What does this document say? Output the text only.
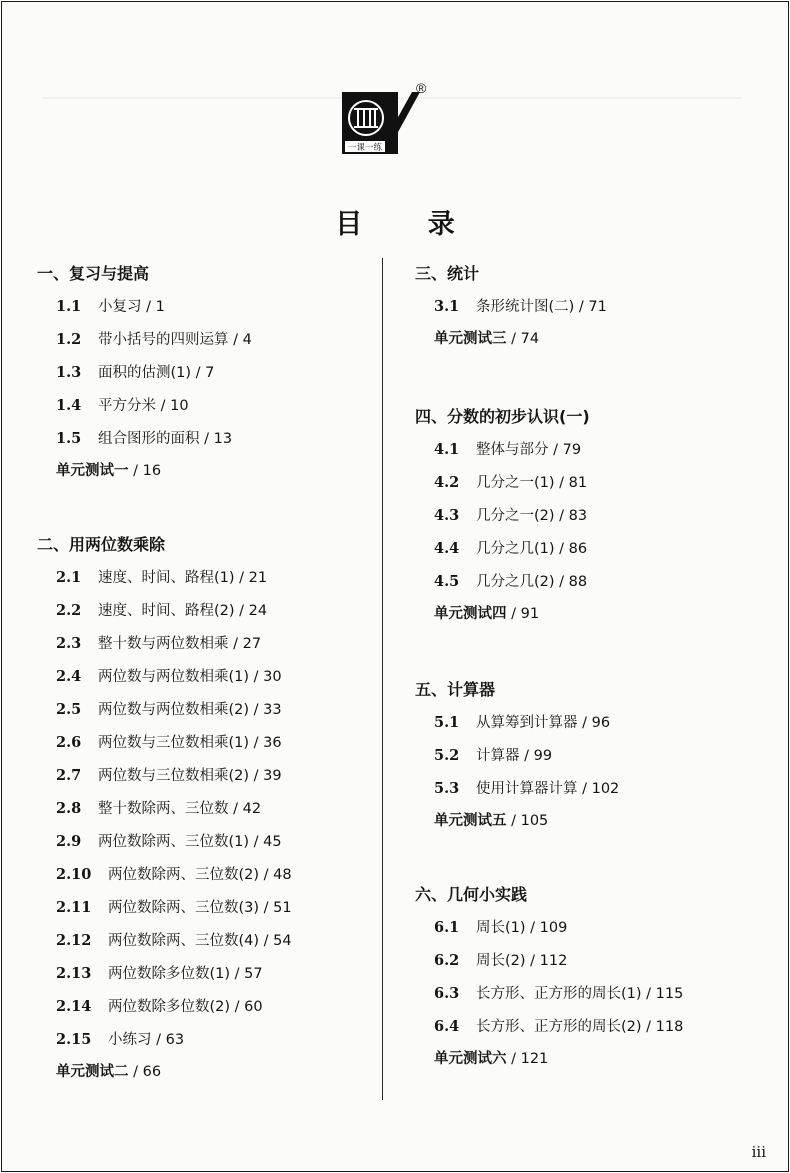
一课一练
®
目 录
一、复习与提高
1.1 小复习 / 1
1.2 带小括号的四则运算 / 4
1.3 面积的估测(1) / 7
1.4 平方分米 / 10
1.5 组合图形的面积 / 13
单元测试一 / 16
二、用两位数乘除
2.1 速度、时间、路程(1) / 21
2.2 速度、时间、路程(2) / 24
2.3 整十数与两位数相乘 / 27
2.4 两位数与两位数相乘(1) / 30
2.5 两位数与两位数相乘(2) / 33
2.6 两位数与三位数相乘(1) / 36
2.7 两位数与三位数相乘(2) / 39
2.8 整十数除两、三位数 / 42
2.9 两位数除两、三位数(1) / 45
2.10 两位数除两、三位数(2) / 48
2.11 两位数除两、三位数(3) / 51
2.12 两位数除两、三位数(4) / 54
2.13 两位数除多位数(1) / 57
2.14 两位数除多位数(2) / 60
2.15 小练习 / 63
单元测试二 / 66
三、统计
3.1 条形统计图(二) / 71
单元测试三 / 74
四、分数的初步认识(一)
4.1 整体与部分 / 79
4.2 几分之一(1) / 81
4.3 几分之一(2) / 83
4.4 几分之几(1) / 86
4.5 几分之几(2) / 88
单元测试四 / 91
五、计算器
5.1 从算筹到计算器 / 96
5.2 计算器 / 99
5.3 使用计算器计算 / 102
单元测试五 / 105
六、几何小实践
6.1 周长(1) / 109
6.2 周长(2) / 112
6.3 长方形、正方形的周长(1) / 115
6.4 长方形、正方形的周长(2) / 118
单元测试六 / 121
iii
